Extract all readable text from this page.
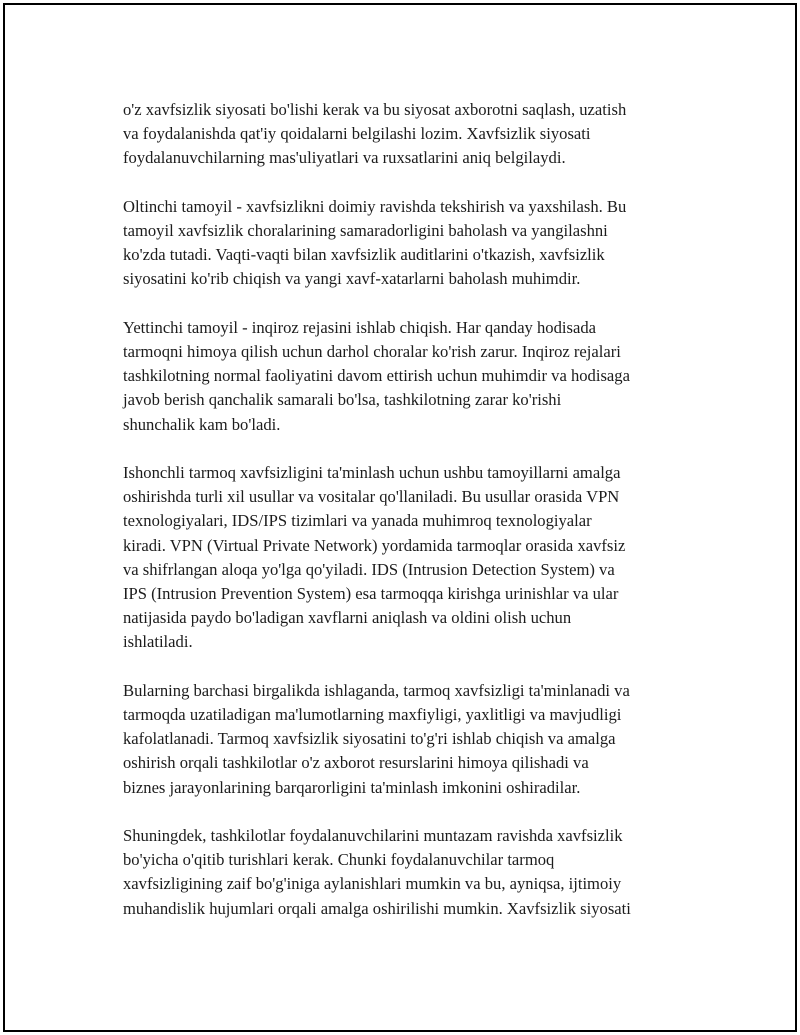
o'z xavfsizlik siyosati bo'lishi kerak va bu siyosat axborotni saqlash, uzatish
va foydalanishda qat'iy qoidalarni belgilashi lozim. Xavfsizlik siyosati
foydalanuvchilarning mas'uliyatlari va ruxsatlarini aniq belgilaydi.

Oltinchi tamoyil - xavfsizlikni doimiy ravishda tekshirish va yaxshilash. Bu
tamoyil xavfsizlik choralarining samaradorligini baholash va yangilashni
ko'zda tutadi. Vaqti-vaqti bilan xavfsizlik auditlarini o'tkazish, xavfsizlik
siyosatini ko'rib chiqish va yangi xavf-xatarlarni baholash muhimdir.

Yettinchi tamoyil - inqiroz rejasini ishlab chiqish. Har qanday hodisada
tarmoqni himoya qilish uchun darhol choralar ko'rish zarur. Inqiroz rejalari
tashkilotning normal faoliyatini davom ettirish uchun muhimdir va hodisaga
javob berish qanchalik samarali bo'lsa, tashkilotning zarar ko'rishi
shunchalik kam bo'ladi.

Ishonchli tarmoq xavfsizligini ta'minlash uchun ushbu tamoyillarni amalga
oshirishda turli xil usullar va vositalar qo'llaniladi. Bu usullar orasida VPN
texnologiyalari, IDS/IPS tizimlari va yanada muhimroq texnologiyalar
kiradi. VPN (Virtual Private Network) yordamida tarmoqlar orasida xavfsiz
va shifrlangan aloqa yo'lga qo'yiladi. IDS (Intrusion Detection System) va
IPS (Intrusion Prevention System) esa tarmoqqa kirishga urinishlar va ular
natijasida paydo bo'ladigan xavflarni aniqlash va oldini olish uchun
ishlatiladi.

Bularning barchasi birgalikda ishlaganda, tarmoq xavfsizligi ta'minlanadi va
tarmoqda uzatiladigan ma'lumotlarning maxfiyligi, yaxlitligi va mavjudligi
kafolatlanadi. Tarmoq xavfsizlik siyosatini to'g'ri ishlab chiqish va amalga
oshirish orqali tashkilotlar o'z axborot resurslarini himoya qilishadi va
biznes jarayonlarining barqarorligini ta'minlash imkonini oshiradilar.

Shuningdek, tashkilotlar foydalanuvchilarini muntazam ravishda xavfsizlik
bo'yicha o'qitib turishlari kerak. Chunki foydalanuvchilar tarmoq
xavfsizligining zaif bo'g'iniga aylanishlari mumkin va bu, ayniqsa, ijtimoiy
muhandislik hujumlari orqali amalga oshirilishi mumkin. Xavfsizlik siyosati
